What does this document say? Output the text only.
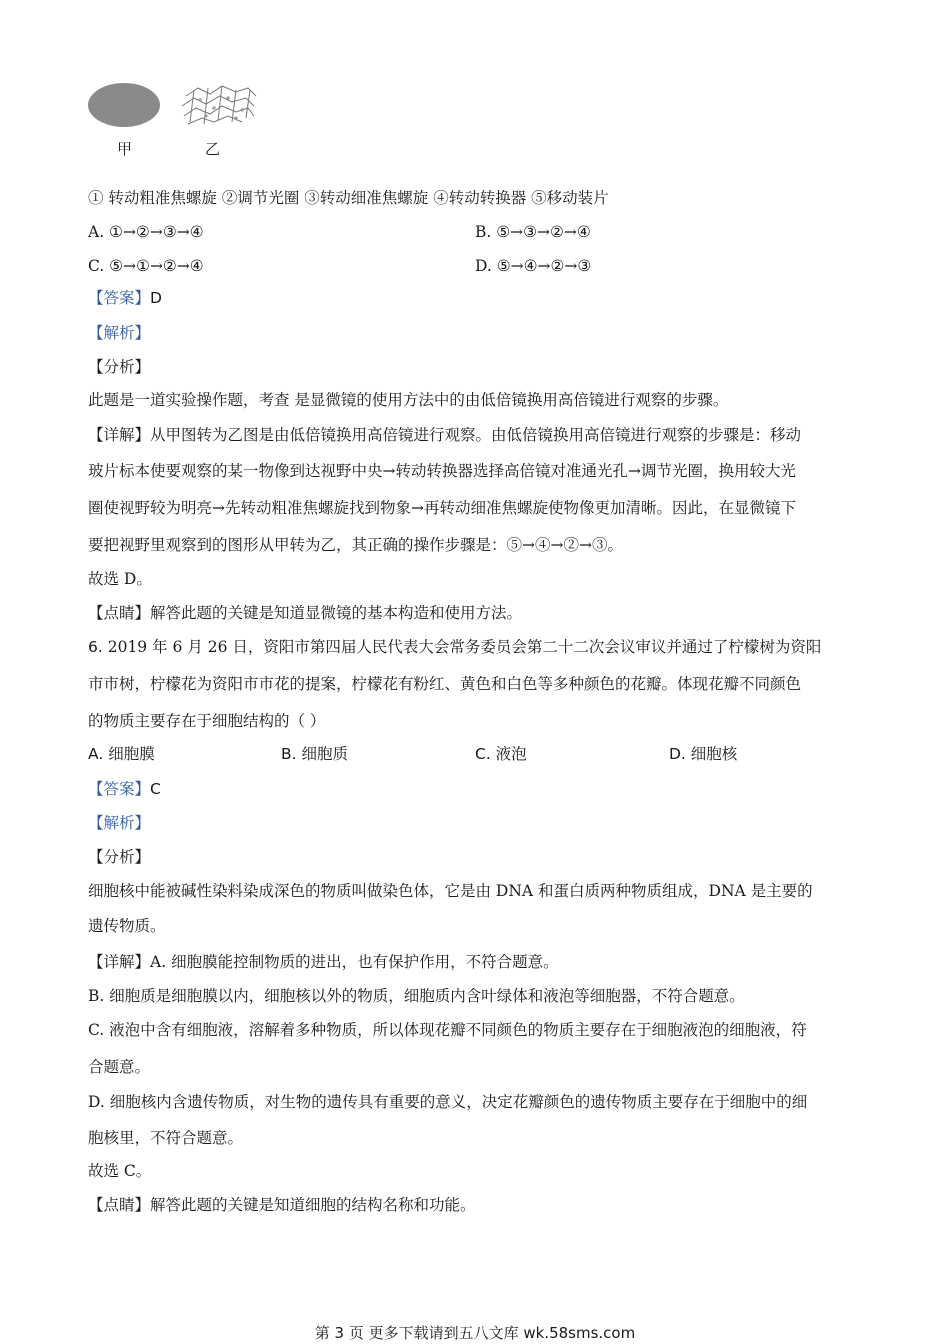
甲	乙
① 转动粗准焦螺旋 ②调节光圈 ③转动细准焦螺旋 ④转动转换器 ⑤移动装片
A. ①→②→③→④	B. ⑤→③→②→④
C. ⑤→①→②→④	D. ⑤→④→②→③
【答案】D
【解析】
【分析】
此题是一道实验操作题，考查 是显微镜的使用方法中的由低倍镜换用高倍镜进行观察的步骤。
【详解】从甲图转为乙图是由低倍镜换用高倍镜进行观察。由低倍镜换用高倍镜进行观察的步骤是：移动
玻片标本使要观察的某一物像到达视野中央→转动转换器选择高倍镜对准通光孔→调节光圈，换用较大光
圈使视野较为明亮→先转动粗准焦螺旋找到物象→再转动细准焦螺旋使物像更加清晰。因此，在显微镜下
要把视野里观察到的图形从甲转为乙，其正确的操作步骤是：⑤→④→②→③。
故选 D。
【点睛】解答此题的关键是知道显微镜的基本构造和使用方法。
6. 2019 年 6 月 26 日，资阳市第四届人民代表大会常务委员会第二十二次会议审议并通过了柠檬树为资阳
市市树，柠檬花为资阳市市花的提案，柠檬花有粉红、黄色和白色等多种颜色的花瓣。体现花瓣不同颜色
的物质主要存在于细胞结构的（ ）
A. 细胞膜	B. 细胞质	C. 液泡	D. 细胞核
【答案】C
【解析】
【分析】
细胞核中能被碱性染料染成深色的物质叫做染色体，它是由 DNA 和蛋白质两种物质组成，DNA 是主要的
遗传物质。
【详解】A. 细胞膜能控制物质的进出，也有保护作用，不符合题意。
B. 细胞质是细胞膜以内，细胞核以外的物质，细胞质内含叶绿体和液泡等细胞器，不符合题意。
C. 液泡中含有细胞液，溶解着多种物质，所以体现花瓣不同颜色的物质主要存在于细胞液泡的细胞液，符
合题意。
D. 细胞核内含遗传物质，对生物的遗传具有重要的意义，决定花瓣颜色的遗传物质主要存在于细胞中的细
胞核里，不符合题意。
故选 C。
【点睛】解答此题的关键是知道细胞的结构名称和功能。
第 3 页 更多下载请到五八文库 wk.58sms.com
